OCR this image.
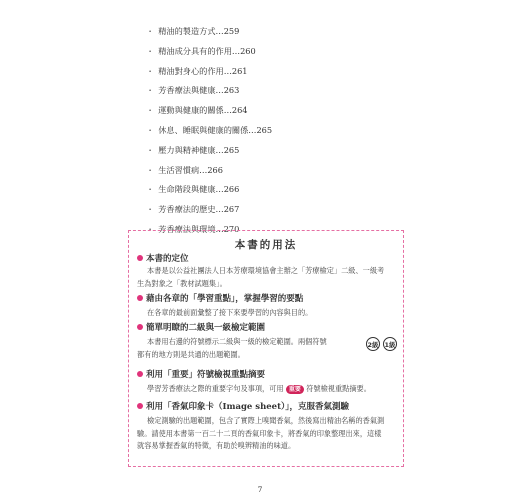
・ 精油的製造方式…259
・ 精油成分具有的作用…260
・ 精油對身心的作用…261
・ 芳香療法與健康…263
・ 運動與健康的關係…264
・ 休息、睡眠與健康的關係…265
・ 壓力與精神健康…265
・ 生活習慣病…266
・ 生命階段與健康…266
・ 芳香療法的歷史…267
・ 芳香療法與環境…270
本書的用法
本書的定位
本書是以公益社團法人日本芳療環境協會主辦之「芳療檢定」二級、一級考
生為對象之「教材試題集」。
藉由各章的「學習重點」，掌握學習的要點
在各章的最前面彙整了接下來要學習的內容與目的。
簡單明瞭的二級與一級檢定範圍
本書用右邊的符號標示二級與一級的檢定範圍。兩個符號
都有的地方則是共通的出題範圍。
2級 1級
利用「重要」符號檢視重點摘要
學習芳香療法之際的重要字句及事項，可用 重要 符號檢視重點摘要。
利用「香氣印象卡（Image sheet）」，克服香氣測驗
檢定測驗的出題範圍，包含了實際上嗅聞香氣，然後寫出精油名稱的香氣測
驗。請使用本書第一百二十二頁的香氣印象卡，將香氣的印象整理出來，這樣
就容易掌握香氣的特徵，有助於嗅辨精油的味道。
7
